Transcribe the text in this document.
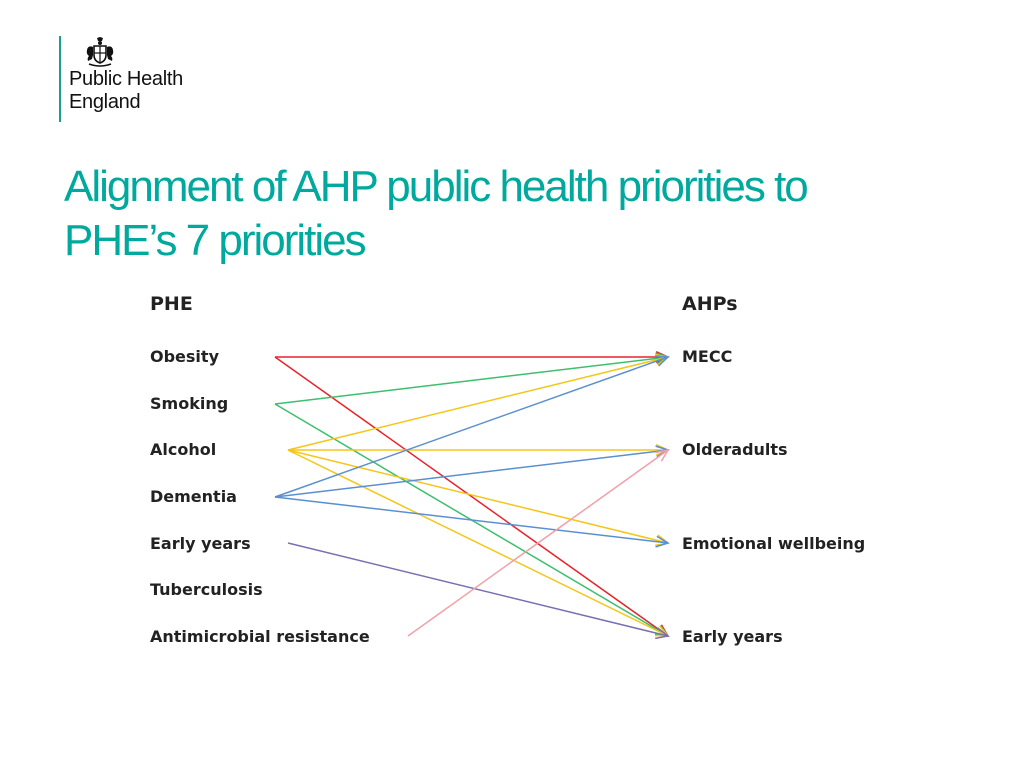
Public Health
England
Alignment of AHP public health priorities to
PHE’s 7 priorities
PHE	AHPs
Obesity
Smoking
Alcohol
Dementia
Early years
Tuberculosis
Antimicrobial resistance
MECC
Olderadults
Emotional wellbeing
Early years
